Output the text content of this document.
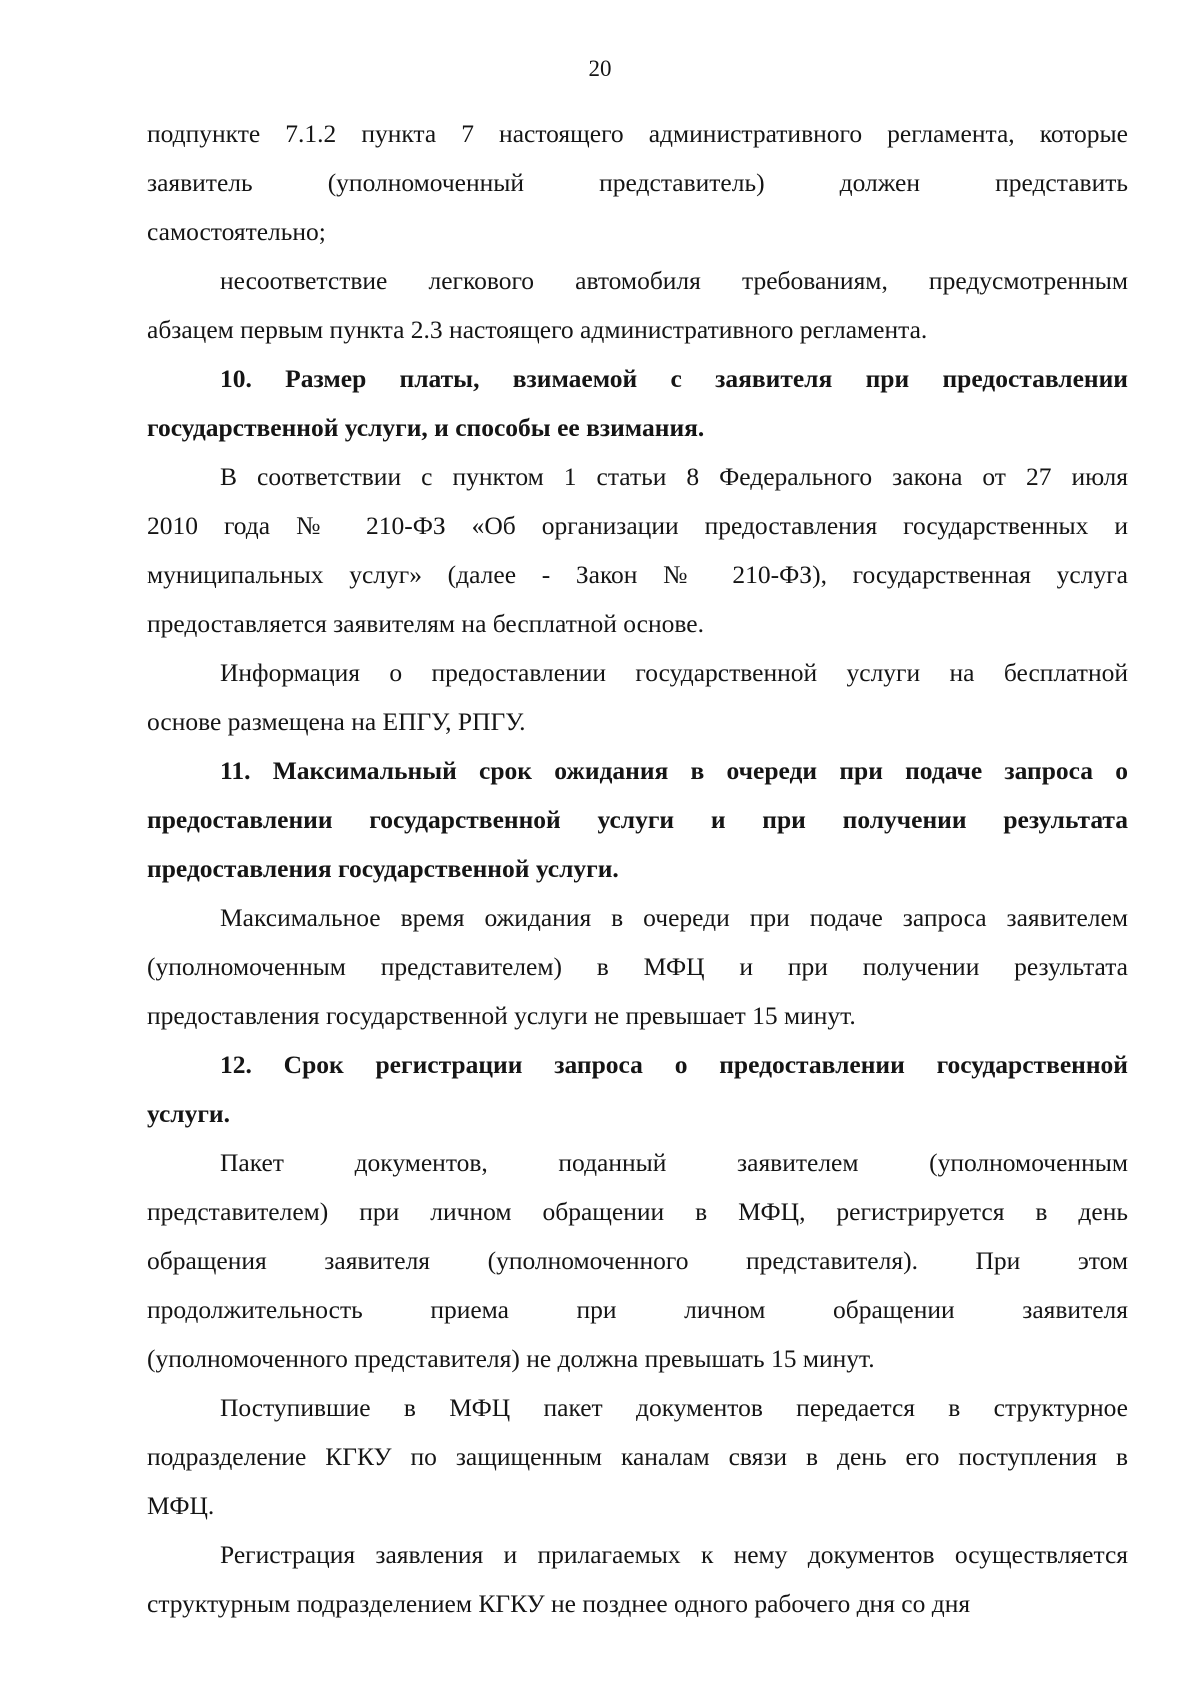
20

подпункте 7.1.2 пункта 7 настоящего административного регламента, которые

заявитель (уполномоченный представитель) должен представить

самостоятельно;

несоответствие легкового автомобиля требованиям, предусмотренным

абзацем первым пункта 2.3 настоящего административного регламента.

10. Размер платы, взимаемой с заявителя при предоставлении

государственной услуги, и способы ее взимания.

В соответствии с пунктом 1 статьи 8 Федерального закона от 27 июля

2010 года № 210-ФЗ «Об организации предоставления государственных и

муниципальных услуг» (далее - Закон № 210-ФЗ), государственная услуга

предоставляется заявителям на бесплатной основе.

Информация о предоставлении государственной услуги на бесплатной

основе размещена на ЕПГУ, РПГУ.

11. Максимальный срок ожидания в очереди при подаче запроса о

предоставлении государственной услуги и при получении результата

предоставления государственной услуги.

Максимальное время ожидания в очереди при подаче запроса заявителем

(уполномоченным представителем) в МФЦ и при получении результата

предоставления государственной услуги не превышает 15 минут.

12. Срок регистрации запроса о предоставлении государственной

услуги.

Пакет документов, поданный заявителем (уполномоченным

представителем) при личном обращении в МФЦ, регистрируется в день

обращения заявителя (уполномоченного представителя). При этом

продолжительность приема при личном обращении заявителя

(уполномоченного представителя) не должна превышать 15 минут.

Поступившие в МФЦ пакет документов передается в структурное

подразделение КГКУ по защищенным каналам связи в день его поступления в

МФЦ.

Регистрация заявления и прилагаемых к нему документов осуществляется

структурным подразделением КГКУ не позднее одного рабочего дня со дня
